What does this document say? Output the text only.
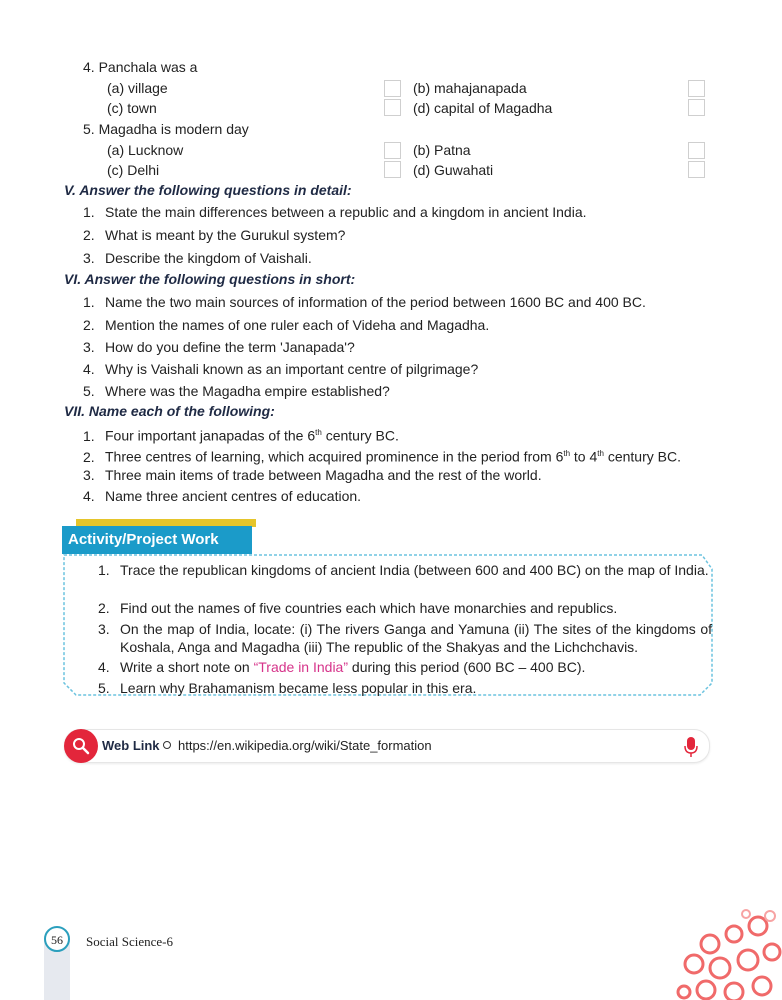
4. Panchala was a
(a) village	(b) mahajanapada
(c) town	(d) capital of Magadha
5. Magadha is modern day
(a) Lucknow	(b) Patna
(c) Delhi	(d) Guwahati
V. Answer the following questions in detail:
1. State the main differences between a republic and a kingdom in ancient India.
2. What is meant by the Gurukul system?
3. Describe the kingdom of Vaishali.
VI. Answer the following questions in short:
1. Name the two main sources of information of the period between 1600 BC and 400 BC.
2. Mention the names of one ruler each of Videha and Magadha.
3. How do you define the term 'Janapada'?
4. Why is Vaishali known as an important centre of pilgrimage?
5. Where was the Magadha empire established?
VII. Name each of the following:
1. Four important janapadas of the 6th century BC.
2. Three centres of learning, which acquired prominence in the period from 6th to 4th century BC.
3. Three main items of trade between Magadha and the rest of the world.
4. Name three ancient centres of education.
Activity/Project Work
1. Trace the republican kingdoms of ancient India (between 600 and 400 BC) on the map of India.
2. Find out the names of five countries each which have monarchies and republics.
3. On the map of India, locate: (i) The rivers Ganga and Yamuna (ii) The sites of the kingdoms of Koshala, Anga and Magadha (iii) The republic of the Shakyas and the Lichchchavis.
4. Write a short note on “Trade in India” during this period (600 BC – 400 BC).
5. Learn why Brahamanism became less popular in this era.
Web Link https://en.wikipedia.org/wiki/State_formation
56	Social Science-6
